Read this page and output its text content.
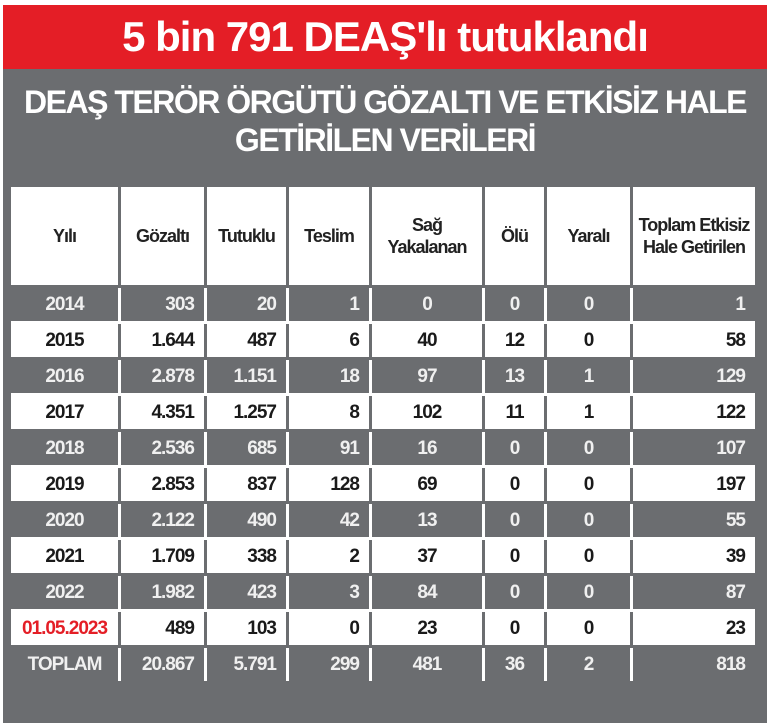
5 bin 791 DEAŞ'lı tutuklandı
DEAŞ TERÖR ÖRGÜTÜ GÖZALTI VE ETKİSİZ HALE
GETİRİLEN VERİLERİ
Yılı	Gözaltı	Tutuklu	Teslim	Sağ Yakalanan	Ölü	Yaralı	Toplam Etkisiz Hale Getirilen
2014	303	20	1	0	0	0	1
2015	1.644	487	6	40	12	0	58
2016	2.878	1.151	18	97	13	1	129
2017	4.351	1.257	8	102	11	1	122
2018	2.536	685	91	16	0	0	107
2019	2.853	837	128	69	0	0	197
2020	2.122	490	42	13	0	0	55
2021	1.709	338	2	37	0	0	39
2022	1.982	423	3	84	0	0	87
01.05.2023	489	103	0	23	0	0	23
TOPLAM	20.867	5.791	299	481	36	2	818
